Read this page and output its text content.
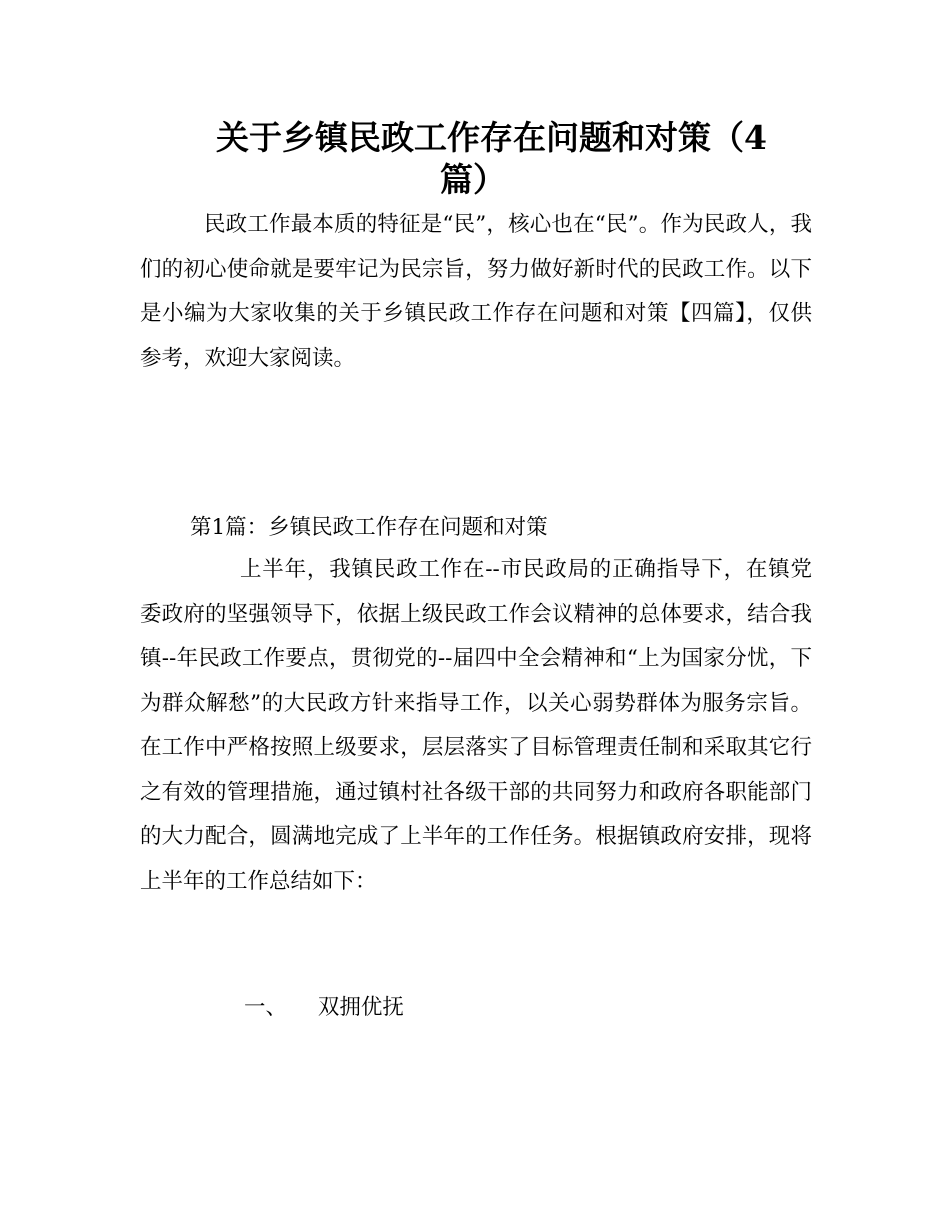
关于乡镇民政工作存在问题和对策（4
篇）
民政工作最本质的特征是“民”，核心也在“民”。作为民政人，我们的初心使命就是要牢记为民宗旨，努力做好新时代的民政工作。以下是小编为大家收集的关于乡镇民政工作存在问题和对策【四篇】，仅供参考，欢迎大家阅读。
第1篇：乡镇民政工作存在问题和对策
上半年，我镇民政工作在--市民政局的正确指导下，在镇党委政府的坚强领导下，依据上级民政工作会议精神的总体要求，结合我镇--年民政工作要点，贯彻党的--届四中全会精神和“上为国家分忧，下为群众解愁”的大民政方针来指导工作，以关心弱势群体为服务宗旨。在工作中严格按照上级要求，层层落实了目标管理责任制和采取其它行之有效的管理措施，通过镇村社各级干部的共同努力和政府各职能部门的大力配合，圆满地完成了上半年的工作任务。根据镇政府安排，现将上半年的工作总结如下：
一、 双拥优抚
